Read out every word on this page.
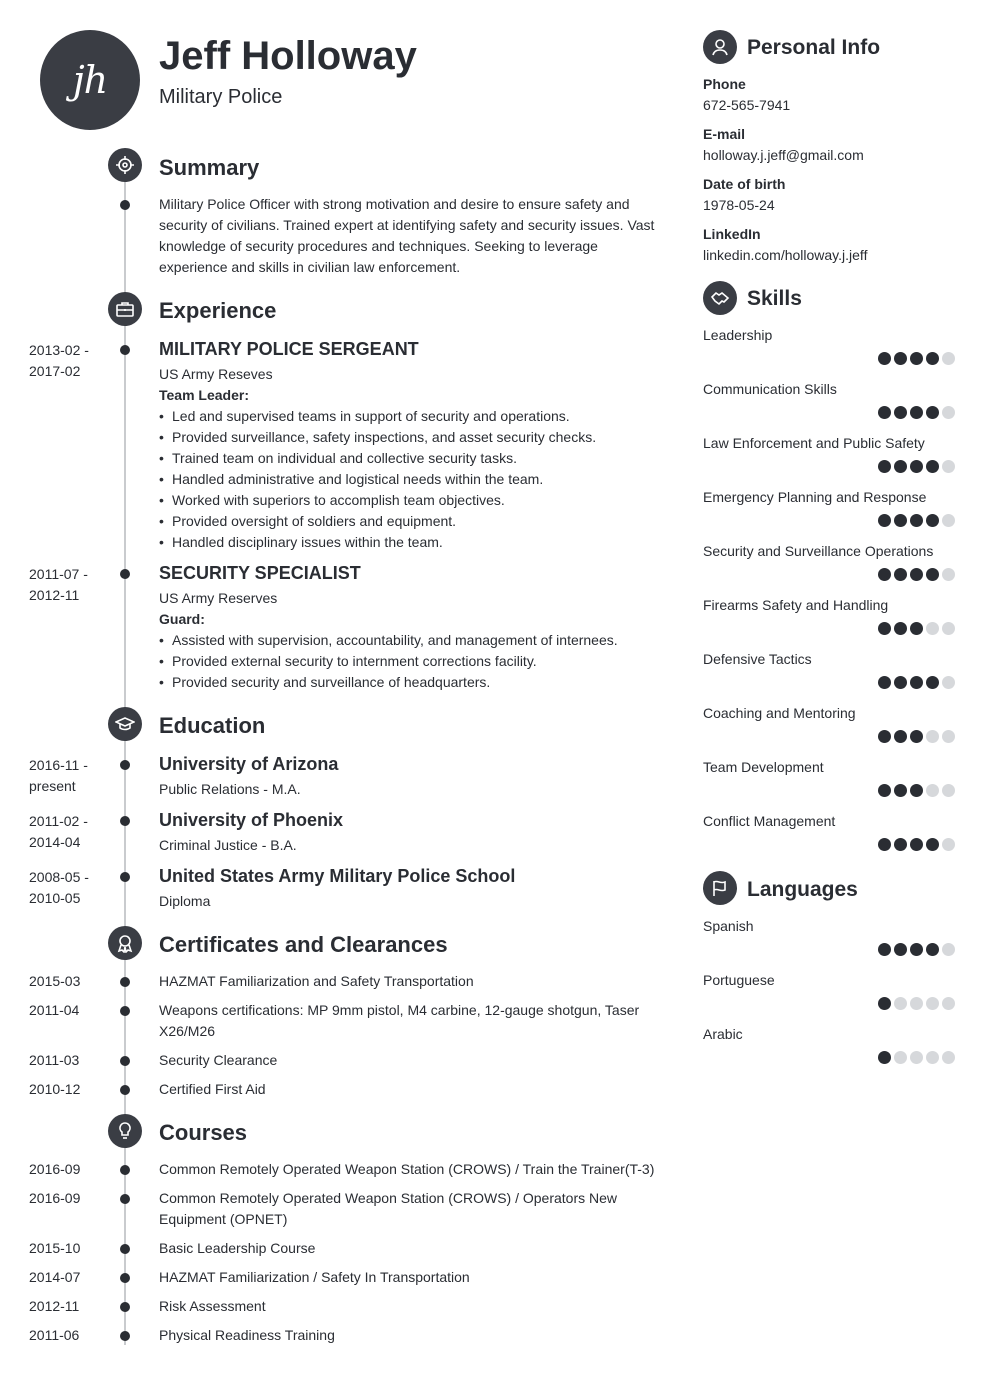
jh
Jeff Holloway
Military Police
Summary
Military Police Officer with strong motivation and desire to ensure safety and security of civilians. Trained expert at identifying safety and security issues. Vast knowledge of security procedures and techniques. Seeking to leverage experience and skills in civilian law enforcement.
Experience
2013-02 -
2017-02
MILITARY POLICE SERGEANT
US Army Reseves
Team Leader:
• Led and supervised teams in support of security and operations.
• Provided surveillance, safety inspections, and asset security checks.
• Trained team on individual and collective security tasks.
• Handled administrative and logistical needs within the team.
• Worked with superiors to accomplish team objectives.
• Provided oversight of soldiers and equipment.
• Handled disciplinary issues within the team.
2011-07 -
2012-11
SECURITY SPECIALIST
US Army Reserves
Guard:
• Assisted with supervision, accountability, and management of internees.
• Provided external security to internment corrections facility.
• Provided security and surveillance of headquarters.
Education
2016-11 -
present
University of Arizona
Public Relations - M.A.
2011-02 -
2014-04
University of Phoenix
Criminal Justice - B.A.
2008-05 -
2010-05
United States Army Military Police School
Diploma
Certificates and Clearances
2015-03	HAZMAT Familiarization and Safety Transportation
2011-04	Weapons certifications: MP 9mm pistol, M4 carbine, 12-gauge shotgun, Taser X26/M26
2011-03	Security Clearance
2010-12	Certified First Aid
Courses
2016-09	Common Remotely Operated Weapon Station (CROWS) / Train the Trainer(T-3)
2016-09	Common Remotely Operated Weapon Station (CROWS) / Operators New Equipment (OPNET)
2015-10	Basic Leadership Course
2014-07	HAZMAT Familiarization / Safety In Transportation
2012-11	Risk Assessment
2011-06	Physical Readiness Training
Personal Info
Phone
672-565-7941
E-mail
holloway.j.jeff@gmail.com
Date of birth
1978-05-24
LinkedIn
linkedin.com/holloway.j.jeff
Skills
Leadership
Communication Skills
Law Enforcement and Public Safety
Emergency Planning and Response
Security and Surveillance Operations
Firearms Safety and Handling
Defensive Tactics
Coaching and Mentoring
Team Development
Conflict Management
Languages
Spanish
Portuguese
Arabic
